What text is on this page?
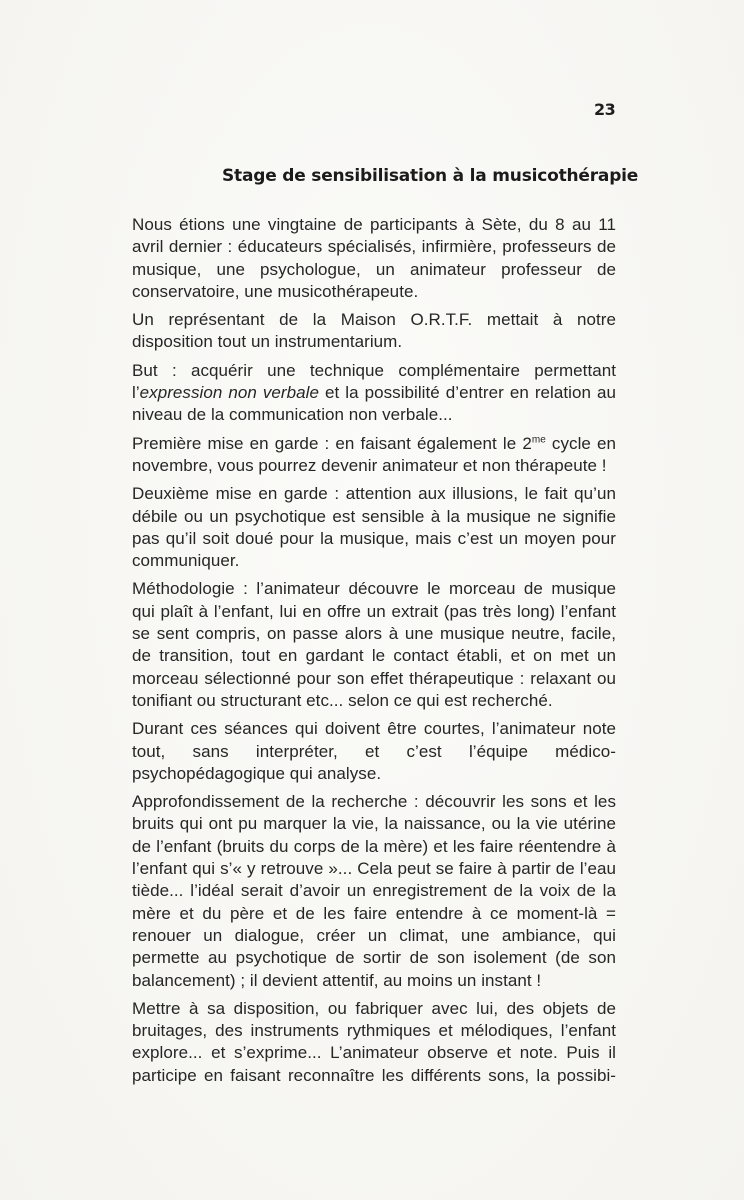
23
Stage de sensibilisation à la musicothérapie

Nous étions une vingtaine de participants à Sète, du 8 au 11 avril dernier : éducateurs spécialisés, infirmière, professeurs de musique, une psychologue, un animateur professeur de conservatoire, une musicothérapeute.

Un représentant de la Maison O.R.T.F. mettait à notre disposition tout un instrumentarium.

But : acquérir une technique complémentaire permettant l’expression non verbale et la possibilité d’entrer en relation au niveau de la communication non verbale...

Première mise en garde : en faisant également le $2^{me}$ cycle en novembre, vous pourrez devenir animateur et non thérapeute !

Deuxième mise en garde : attention aux illusions, le fait qu’un débile ou un psychotique est sensible à la musique ne signifie pas qu’il soit doué pour la musique, mais c’est un moyen pour communiquer.

Méthodologie : l’animateur découvre le morceau de musique qui plaît à l’enfant, lui en offre un extrait (pas très long) l’enfant se sent compris, on passe alors à une musique neutre, facile, de transition, tout en gardant le contact établi, et on met un morceau sélectionné pour son effet thérapeutique : relaxant ou tonifiant ou structurant etc... selon ce qui est recherché.

Durant ces séances qui doivent être courtes, l’animateur note tout, sans interpréter, et c’est l’équipe médico-psychopédagogique qui analyse.

Approfondissement de la recherche : découvrir les sons et les bruits qui ont pu marquer la vie, la naissance, ou la vie utérine de l’enfant (bruits du corps de la mère) et les faire réentendre à l’enfant qui s’« y retrouve »... Cela peut se faire à partir de l’eau tiède... l’idéal serait d’avoir un enregistrement de la voix de la mère et du père et de les faire entendre à ce moment-là = renouer un dialogue, créer un climat, une ambiance, qui permette au psychotique de sortir de son isolement (de son balancement) ; il devient attentif, au moins un instant !

Mettre à sa disposition, ou fabriquer avec lui, des objets de bruitages, des instruments rythmiques et mélodiques, l’enfant explore... et s’exprime... L’animateur observe et note. Puis il participe en faisant reconnaître les différents sons, la possibi-
